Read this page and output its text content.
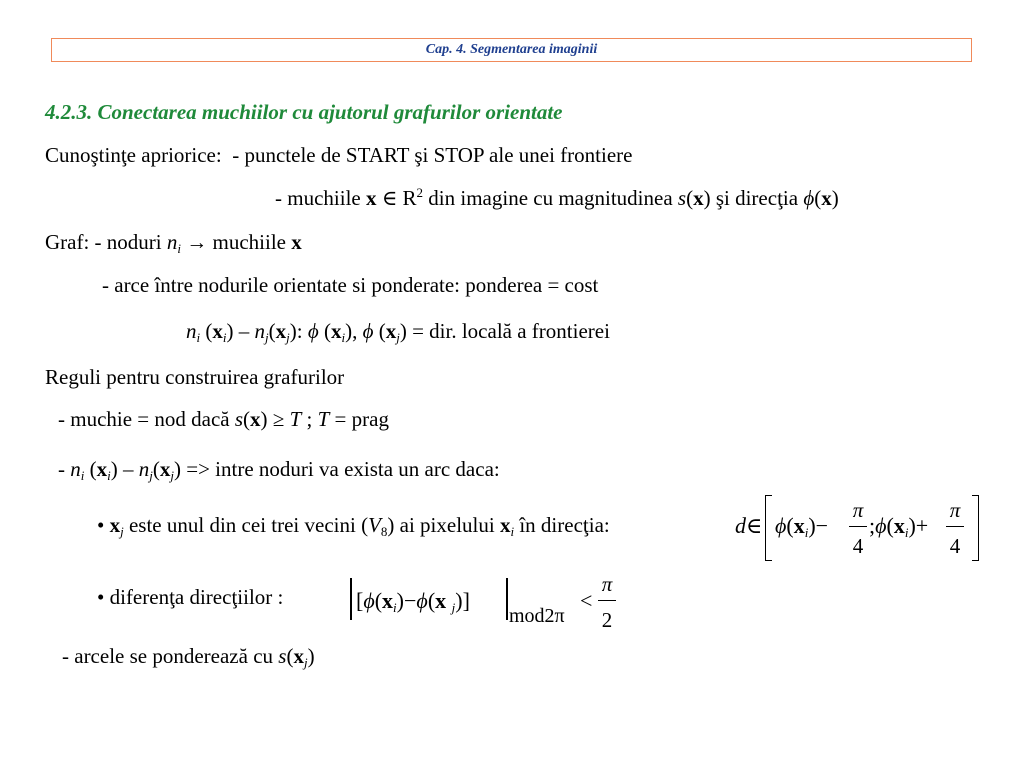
Cap. 4. Segmentarea imaginii
4.2.3. Conectarea muchiilor cu ajutorul grafurilor orientate
Cunoştinţe apriorice: - punctele de START şi STOP ale unei frontiere
- muchiile x ∈ $R^2$ din imagine cu magnitudinea s(x) şi direcţia ϕ(x)
Graf: - noduri $n_i$ → muchiile x
- arce între nodurile orientate si ponderate: ponderea = cost
$n_i$ $(x_i) - n_j(x_j)$: ϕ $(x_i)$, ϕ $(x_j)$ = dir. locală a frontierei
Reguli pentru construirea grafurilor
- muchie = nod dacă s(x) ≥ T ; T = prag
- $n_i$ $(x_i) - n_j(x_j)$ => intre noduri va exista un arc daca:
• $x_j$ este unul din cei trei vecini $(V_8)$ ai pixelului $x_i$ în direcţia:	d∈ $\phi(x_i)-$
π
4
$;\phi(x_i)+$
π
4
• diferenţa direcţiilor :	[$\phi(x_i)-\phi(x$ $_j$)]
mod2π
<
π
2
- arcele se ponderează cu $s(x_j)$
